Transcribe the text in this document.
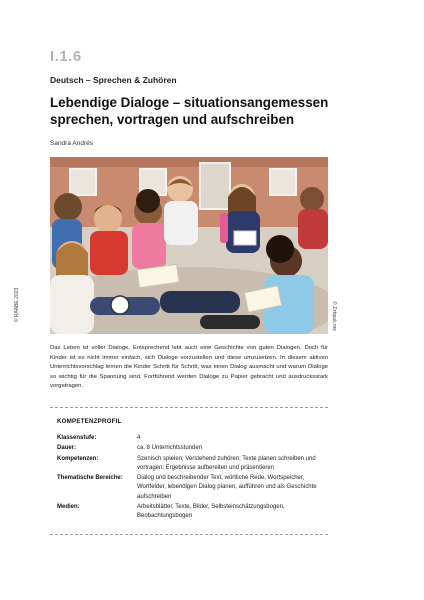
I.1.6
Deutsch – Sprechen & Zuhören
Lebendige Dialoge – situationsangemessen sprechen, vortragen und aufschreiben
Sandra Andrés
© RAABE 2023	© Zzbpak.me

Das Leben ist voller Dialoge. Entsprechend lebt auch eine Geschichte von guten Dialogen. Doch für Kinder ist es nicht immer einfach, sich Dialoge vorzustellen und diese umzusetzen. In diesem aktiven Unterrichtsvorschlag lernen die Kinder Schritt für Schritt, was einen Dialog ausmacht und warum Dialoge so wichtig für die Spannung sind. Fortführend werden Dialoge zu Papier gebracht und ausdrucksstark vorgetragen.

KOMPETENZPROFIL
Klassenstufe:	4
Dauer:	ca. 8 Unterrichtsstunden
Kompetenzen:	Szenisch spielen; Verstehend zuhören; Texte planen schreiben und vortragen; Ergebnisse aufbereiten und präsentieren
Thematische Bereiche:	Dialog und beschreibender Text, wörtliche Rede, Wortspeicher, Wortfelder, lebendigen Dialog planen, aufführen und als Geschichte aufschreiben
Medien:	Arbeitsblätter, Texte, Bilder, Selbsteinschätzungsbogen, Beobachtungsbogen
